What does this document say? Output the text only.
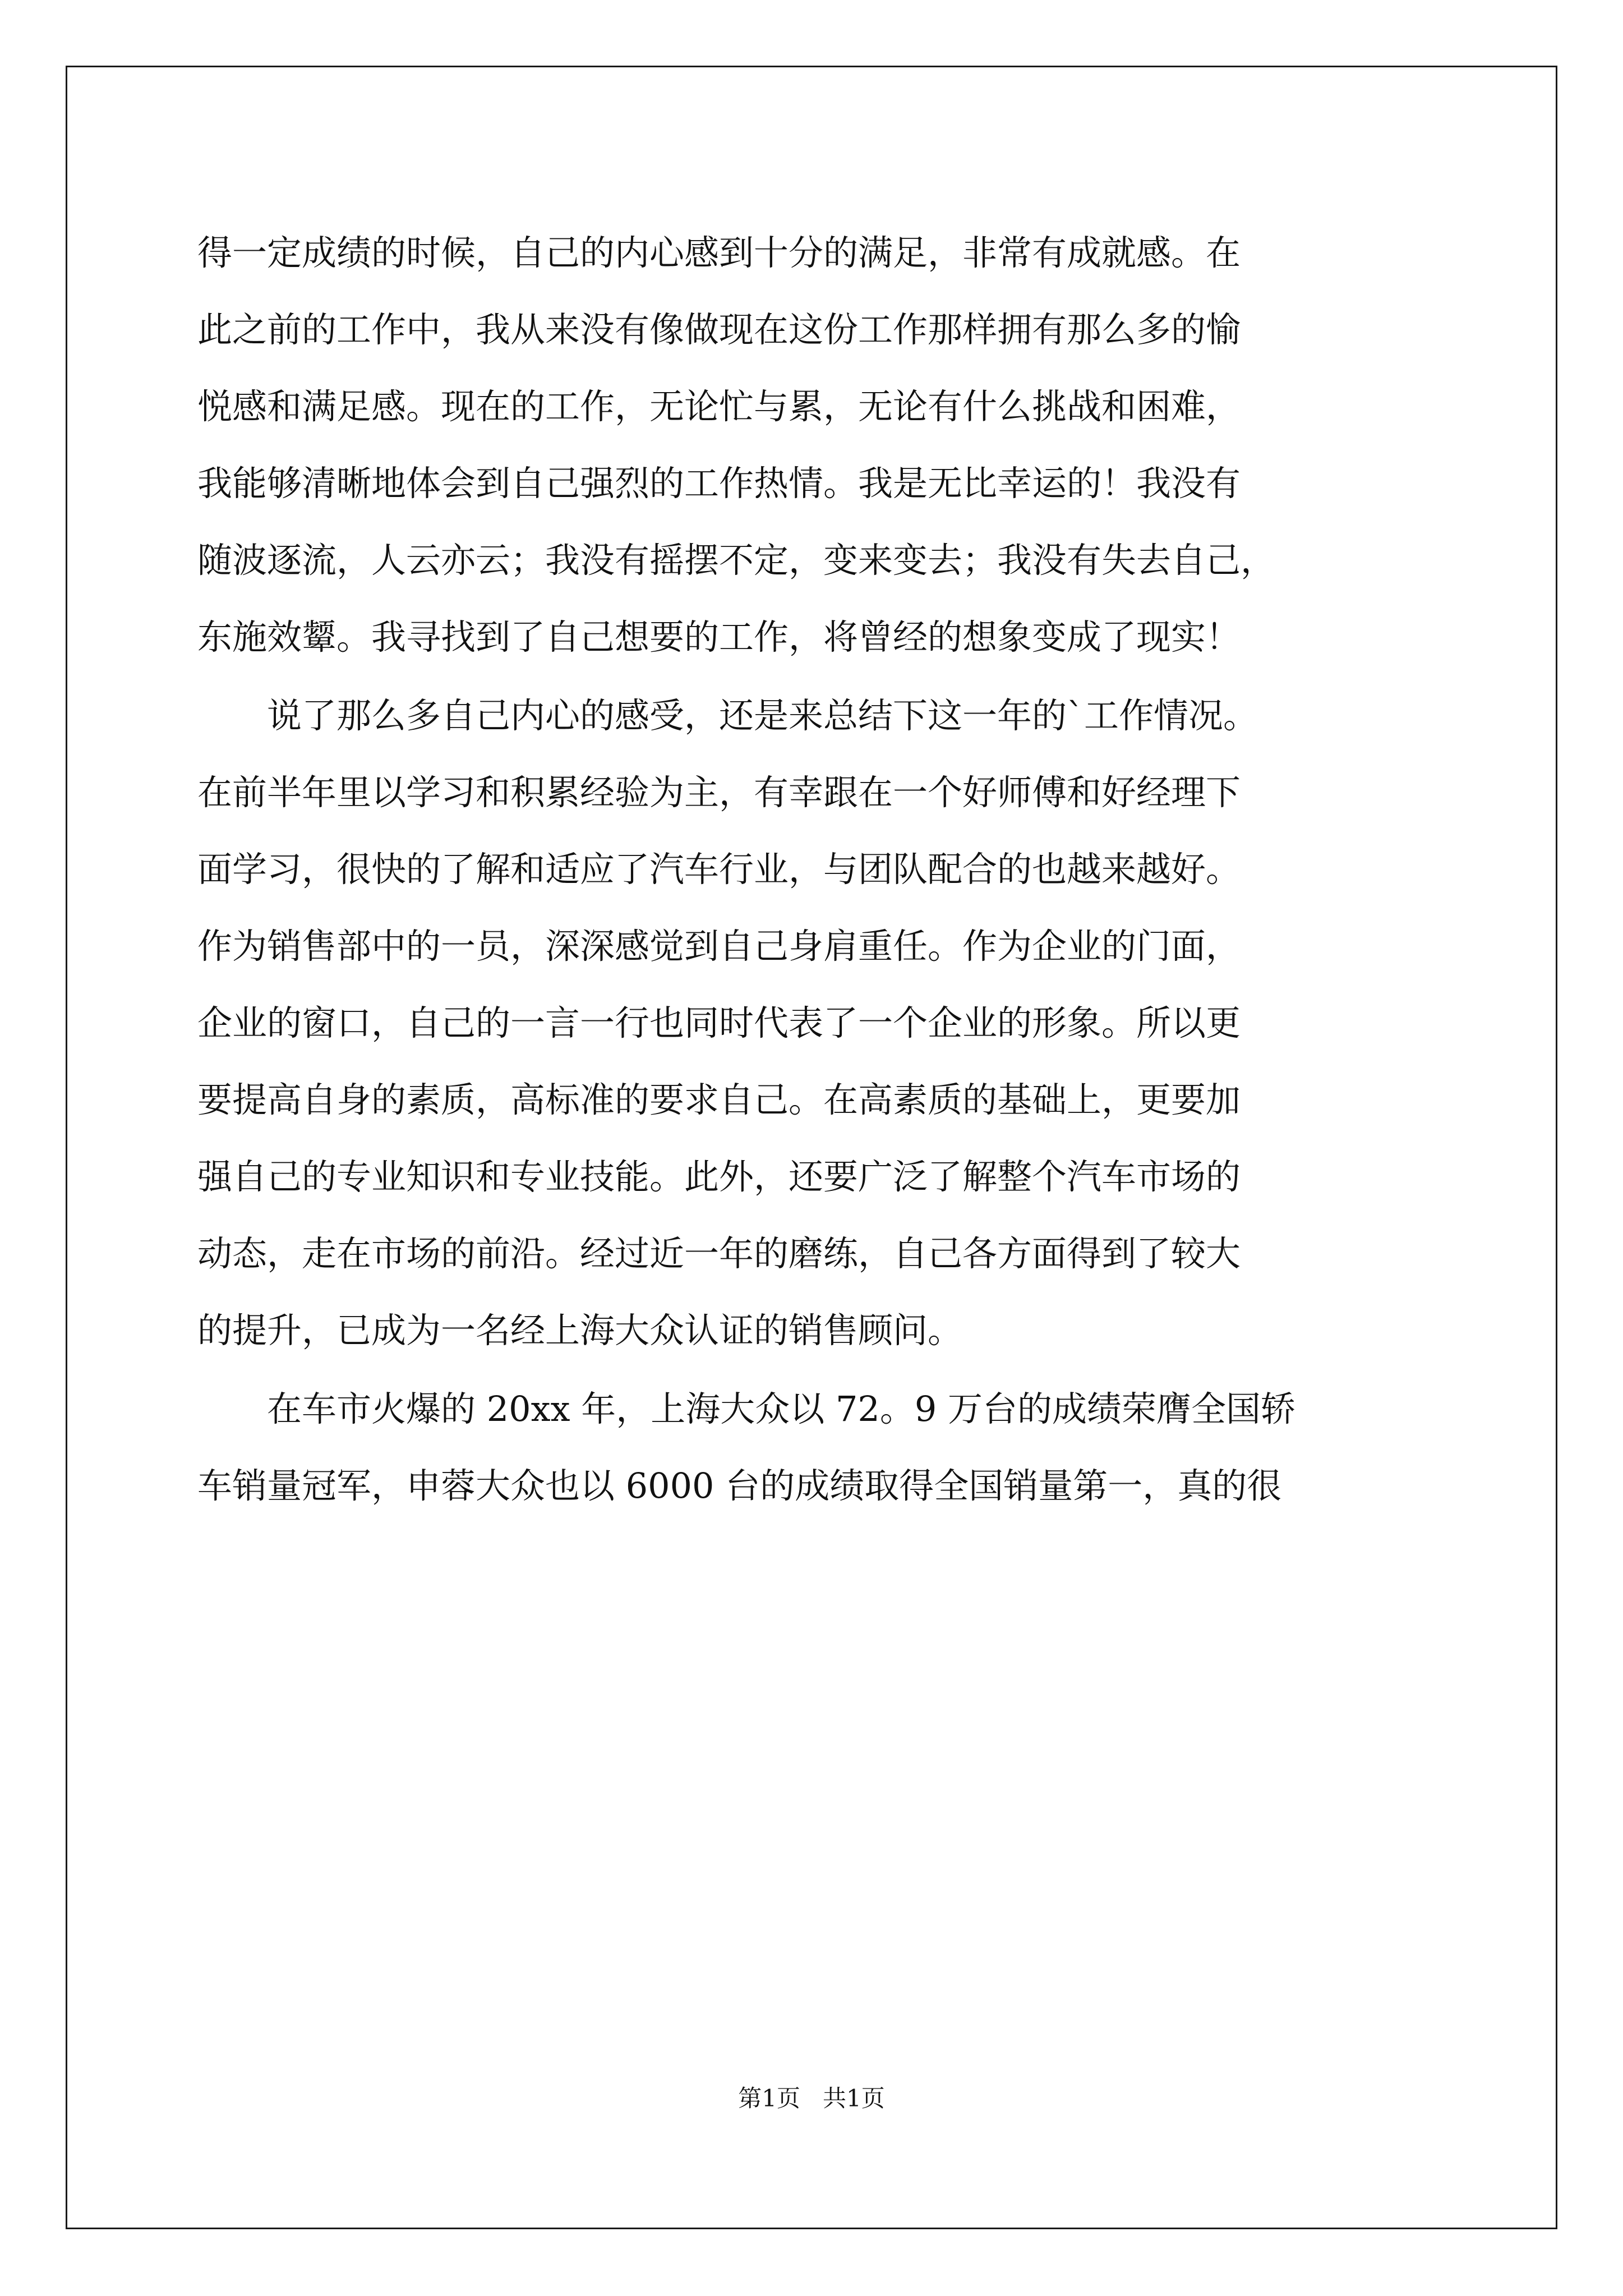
得一定成绩的时候，自己的内心感到十分的满足，非常有成就感。在
此之前的工作中，我从来没有像做现在这份工作那样拥有那么多的愉
悦感和满足感。现在的工作，无论忙与累，无论有什么挑战和困难，
我能够清晰地体会到自己强烈的工作热情。我是无比幸运的！我没有
随波逐流，人云亦云；我没有摇摆不定，变来变去；我没有失去自己，
东施效颦。我寻找到了自己想要的工作，将曾经的想象变成了现实！
说了那么多自己内心的感受，还是来总结下这一年的`工作情况。
在前半年里以学习和积累经验为主，有幸跟在一个好师傅和好经理下
面学习，很快的了解和适应了汽车行业，与团队配合的也越来越好。
作为销售部中的一员，深深感觉到自己身肩重任。作为企业的门面，
企业的窗口，自己的一言一行也同时代表了一个企业的形象。所以更
要提高自身的素质，高标准的要求自己。在高素质的基础上，更要加
强自己的专业知识和专业技能。此外，还要广泛了解整个汽车市场的
动态，走在市场的前沿。经过近一年的磨练，自己各方面得到了较大
的提升，已成为一名经上海大众认证的销售顾问。
在车市火爆的 20xx 年，上海大众以 72。9 万台的成绩荣膺全国轿
车销量冠军，申蓉大众也以 6000 台的成绩取得全国销量第一，真的很
第1页   共1页
